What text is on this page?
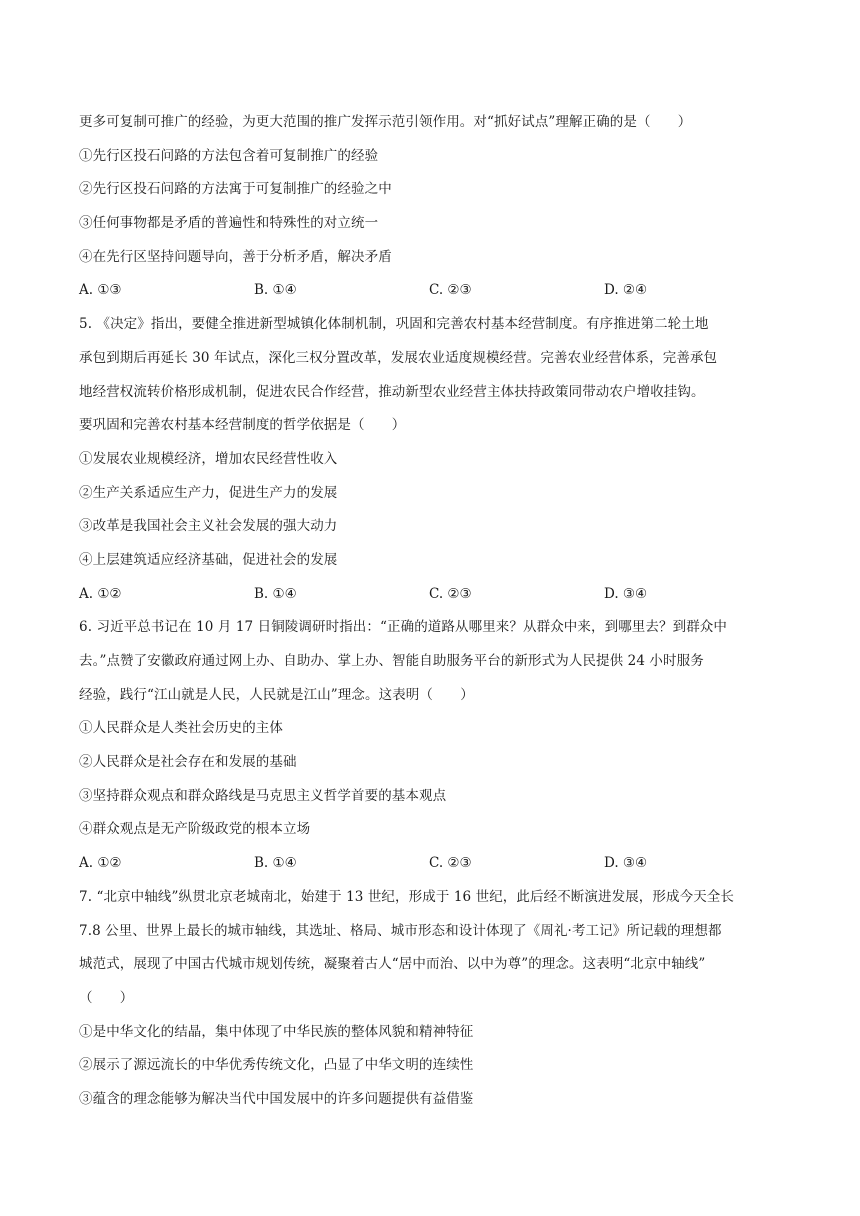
更多可复制可推广的经验，为更大范围的推广发挥示范引领作用。对“抓好试点”理解正确的是（　　）
①先行区投石问路的方法包含着可复制推广的经验
②先行区投石问路的方法寓于可复制推广的经验之中
③任何事物都是矛盾的普遍性和特殊性的对立统一
④在先行区坚持问题导向，善于分析矛盾，解决矛盾
A. ①③	B. ①④	C. ②③	D. ②④
5. 《决定》指出，要健全推进新型城镇化体制机制，巩固和完善农村基本经营制度。有序推进第二轮土地
承包到期后再延长 30 年试点，深化三权分置改革，发展农业适度规模经营。完善农业经营体系，完善承包
地经营权流转价格形成机制，促进农民合作经营，推动新型农业经营主体扶持政策同带动农户增收挂钩。
要巩固和完善农村基本经营制度的哲学依据是（　　）
①发展农业规模经济，增加农民经营性收入
②生产关系适应生产力，促进生产力的发展
③改革是我国社会主义社会发展的强大动力
④上层建筑适应经济基础，促进社会的发展
A. ①②	B. ①④	C. ②③	D. ③④
6. 习近平总书记在 10 月 17 日铜陵调研时指出：“正确的道路从哪里来？从群众中来，到哪里去？到群众中
去。”点赞了安徽政府通过网上办、自助办、掌上办、智能自助服务平台的新形式为人民提供 24 小时服务
经验，践行“江山就是人民，人民就是江山”理念。这表明（　　）
①人民群众是人类社会历史的主体
②人民群众是社会存在和发展的基础
③坚持群众观点和群众路线是马克思主义哲学首要的基本观点
④群众观点是无产阶级政党的根本立场
A. ①②	B. ①④	C. ②③	D. ③④
7. “北京中轴线”纵贯北京老城南北，始建于 13 世纪，形成于 16 世纪，此后经不断演进发展，形成今天全长
7.8 公里、世界上最长的城市轴线，其选址、格局、城市形态和设计体现了《周礼·考工记》所记载的理想都
城范式，展现了中国古代城市规划传统，凝聚着古人“居中而治、以中为尊”的理念。这表明“北京中轴线”
（　　）
①是中华文化的结晶，集中体现了中华民族的整体风貌和精神特征
②展示了源远流长的中华优秀传统文化，凸显了中华文明的连续性
③蕴含的理念能够为解决当代中国发展中的许多问题提供有益借鉴
